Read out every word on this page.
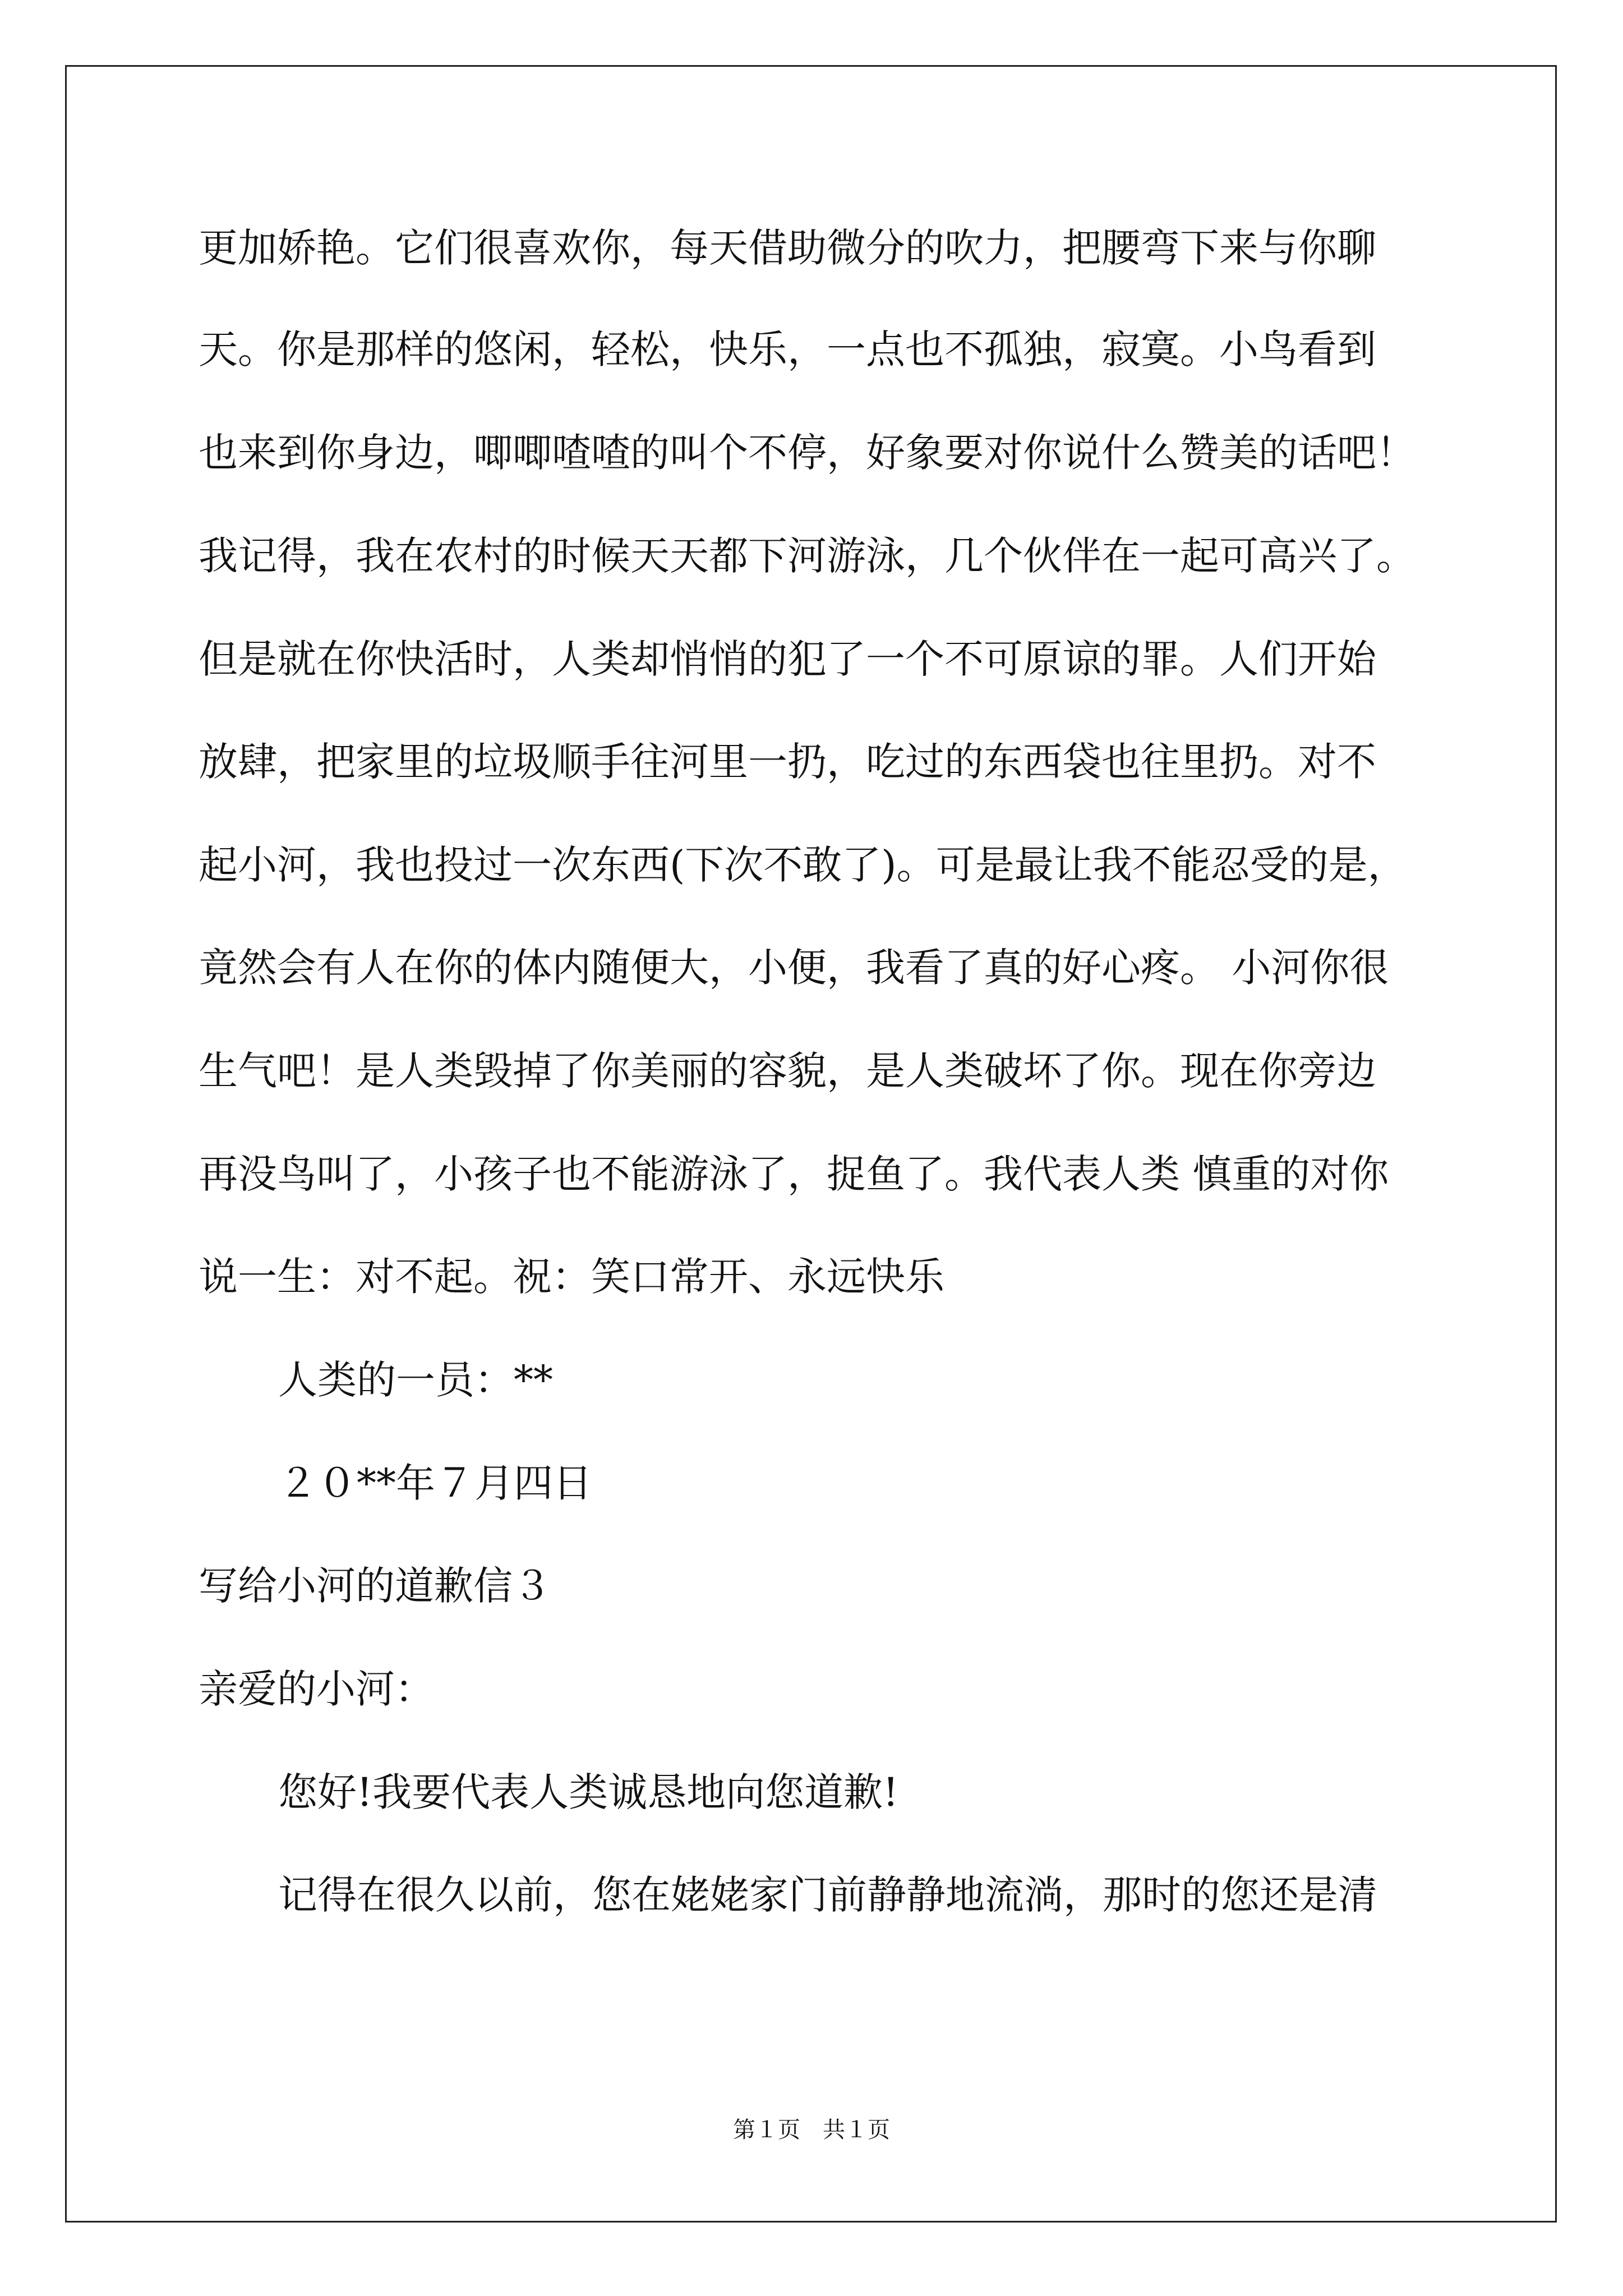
更加娇艳。它们很喜欢你，每天借助微分的吹力，把腰弯下来与你聊
天。你是那样的悠闲，轻松，快乐，一点也不孤独，寂寞。小鸟看到
也来到你身边，唧唧喳喳的叫个不停，好象要对你说什么赞美的话吧！
我记得，我在农村的时候天天都下河游泳，几个伙伴在一起可高兴了。
但是就在你快活时，人类却悄悄的犯了一个不可原谅的罪。人们开始
放肆，把家里的垃圾顺手往河里一扔，吃过的东西袋也往里扔。对不
起小河，我也投过一次东西(下次不敢了)。可是最让我不能忍受的是，
竟然会有人在你的体内随便大，小便，我看了真的好心疼。 小河你很
生气吧！是人类毁掉了你美丽的容貌，是人类破坏了你。现在你旁边
再没鸟叫了，小孩子也不能游泳了，捉鱼了。我代表人类 慎重的对你
说一生：对不起。祝：笑口常开、永远快乐
人类的一员：**
２０**年７月四日
写给小河的道歉信３
亲爱的小河：
您好!我要代表人类诚恳地向您道歉!
记得在很久以前，您在姥姥家门前静静地流淌，那时的您还是清
第１页　共１页
